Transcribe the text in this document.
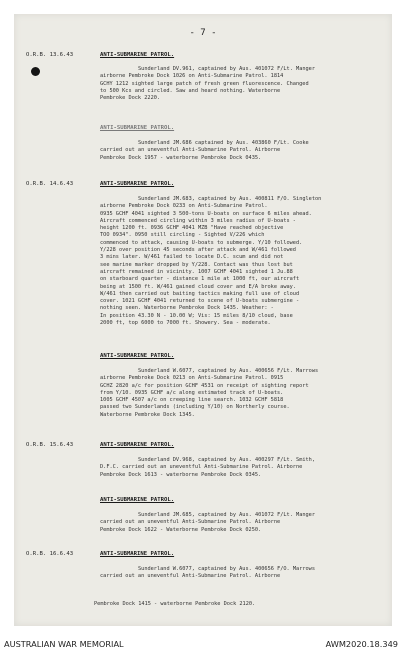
- 7 -
O.R.B. 13.6.43	ANTI-SUBMARINE PATROL.
Sunderland DV.961, captained by Aus. 401072 F/Lt. Manger
airborne Pembroke Dock 1026 on Anti-Submarine Patrol. 1814
GCHY 1212 sighted large patch of fresh green fluorescence. Changed
to 500 Kcs and circled. Saw and heard nothing. Waterborne
Pembroke Dock 2220.
ANTI-SUBMARINE PATROL.
Sunderland JM.686 captained by Aus. 403860 F/Lt. Cooke
carried out an uneventful Anti-Submarine Patrol. Airborne
Pembroke Dock 1957 - waterborne Pembroke Dock 0435.
O.R.B. 14.6.43	ANTI-SUBMARINE PATROL.
Sunderland JM.683, captained by Aus. 400811 F/O. Singleton
airborne Pembroke Dock 0233 on Anti-Submarine Patrol.
0935 GCHF 4041 sighted 3 500-tons U-boats on surface 6 miles ahead.
Aircraft commenced circling within 3 miles radius of U-boats -
height 1200 ft. 0936 GCHF 4041 MZB "Have reached objective
TOO 0934". 0950 still circling - Sighted V/226 which
commenced to attack, causing U-boats to submerge. Y/10 followed.
Y/228 over position 45 seconds after attack and W/461 followed
3 mins later. W/461 failed to locate D.C. scum and did not
see marine marker dropped by Y/228. Contact was thus lost but
aircraft remained in vicinity. 1007 GCHF 4041 sighted 1 Ju.88
on starboard quarter - distance 1 mile at 1000 ft, our aircraft
being at 1500 ft. W/461 gained cloud cover and E/A broke away.
W/461 then carried out baiting tactics making full use of cloud
cover. 1021 GCHF 4041 returned to scene of U-boats submergine -
nothing seen. Waterborne Pembroke Dock 1435. Weather: -
In position 43.30 N - 10.00 W; Vis: 15 miles 8/10 cloud, base
2000 ft, top 6000 to 7000 ft. Showery. Sea - moderate.
ANTI-SUBMARINE PATROL.
Sunderland W.6077, captained by Aus. 400656 F/Lt. Marrows
airborne Pembroke Dock 0213 on Anti-Submarine Patrol. 0915
GCHZ 2820 a/c for position GCHF 4531 on receipt of sighting report
from Y/10. 0935 GCHF a/c along estimated track of U-boats.
1005 GCHF 4507 a/c on creeping line search. 1032 GCHF 5818
passed two Sunderlands (including Y/10) on Northerly course.
Waterborne Pembroke Dock 1345.
O.R.B. 15.6.43	ANTI-SUBMARINE PATROL.
Sunderland DV.968, captained by Aus. 400297 F/Lt. Smith,
D.F.C. carried out an uneventful Anti-Submarine Patrol. Airborne
Pembroke Dock 1613 - waterborne Pembroke Dock 0345.
ANTI-SUBMARINE PATROL.
Sunderland JM.685, captained by Aus. 401072 F/Lt. Manger
carried out an uneventful Anti-Submarine Patrol. Airborne
Pembroke Dock 1622 - Waterborne Pembroke Dock 0250.
O.R.B. 16.6.43	ANTI-SUBMARINE PATROL.
Sunderland W.6077, captained by Aus. 400656 F/O. Marrows
carried out an uneventful Anti-Submarine Patrol. Airborne
Pembroke Dock 1415 - waterborne Pembroke Dock 2120.
AUSTRALIAN WAR MEMORIAL	AWM2020.18.349
